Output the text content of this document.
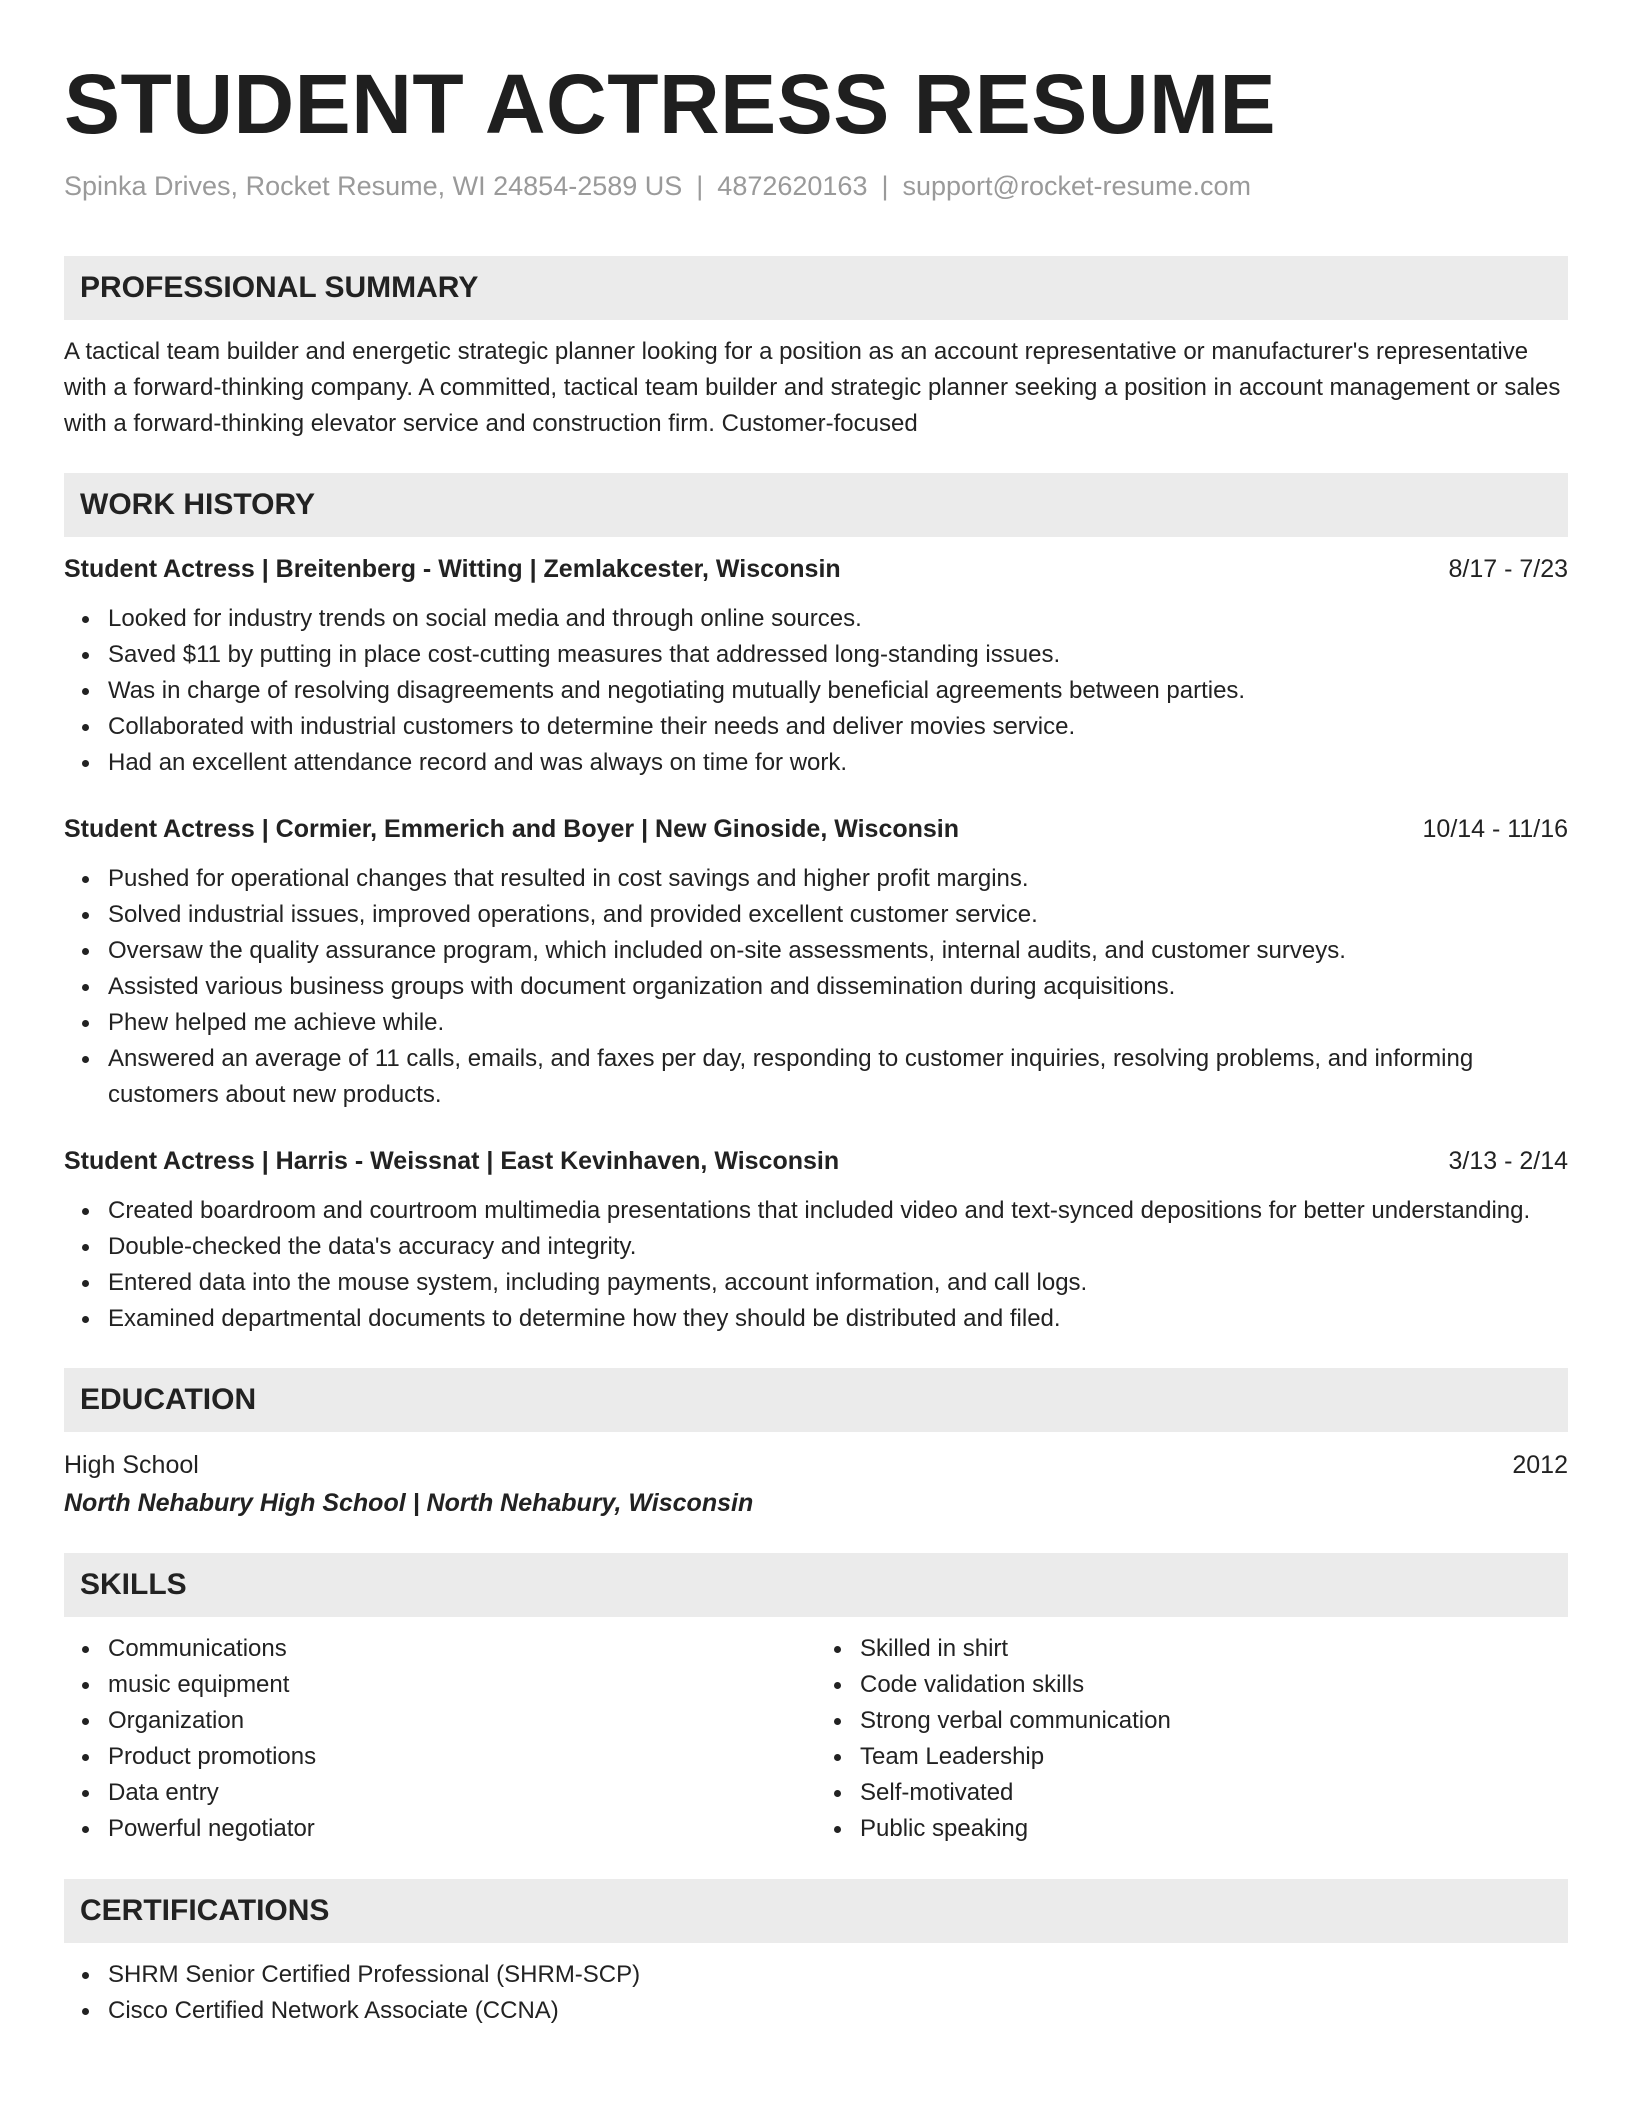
STUDENT ACTRESS RESUME
Spinka Drives, Rocket Resume, WI 24854-2589 US | 4872620163 | support@rocket-resume.com
PROFESSIONAL SUMMARY

A tactical team builder and energetic strategic planner looking for a position as an account representative or manufacturer's representative with a forward-thinking company. A committed, tactical team builder and strategic planner seeking a position in account management or sales with a forward-thinking elevator service and construction firm. Customer-focused

WORK HISTORY
Student Actress | Breitenberg - Witting | Zemlakcester, Wisconsin	8/17 - 7/23
Looked for industry trends on social media and through online sources.
Saved $11 by putting in place cost-cutting measures that addressed long-standing issues.
Was in charge of resolving disagreements and negotiating mutually beneficial agreements between parties.
Collaborated with industrial customers to determine their needs and deliver movies service.
Had an excellent attendance record and was always on time for work.
Student Actress | Cormier, Emmerich and Boyer | New Ginoside, Wisconsin	10/14 - 11/16
Pushed for operational changes that resulted in cost savings and higher profit margins.
Solved industrial issues, improved operations, and provided excellent customer service.
Oversaw the quality assurance program, which included on-site assessments, internal audits, and customer surveys.
Assisted various business groups with document organization and dissemination during acquisitions.
Phew helped me achieve while.
Answered an average of 11 calls, emails, and faxes per day, responding to customer inquiries, resolving problems, and informing customers about new products.
Student Actress | Harris - Weissnat | East Kevinhaven, Wisconsin	3/13 - 2/14
Created boardroom and courtroom multimedia presentations that included video and text-synced depositions for better understanding.
Double-checked the data's accuracy and integrity.
Entered data into the mouse system, including payments, account information, and call logs.
Examined departmental documents to determine how they should be distributed and filed.
EDUCATION
High School	2012
North Nehabury High School | North Nehabury, Wisconsin
SKILLS
Communications
music equipment
Organization
Product promotions
Data entry
Powerful negotiator
Skilled in shirt
Code validation skills
Strong verbal communication
Team Leadership
Self-motivated
Public speaking
CERTIFICATIONS
SHRM Senior Certified Professional (SHRM-SCP)
Cisco Certified Network Associate (CCNA)
